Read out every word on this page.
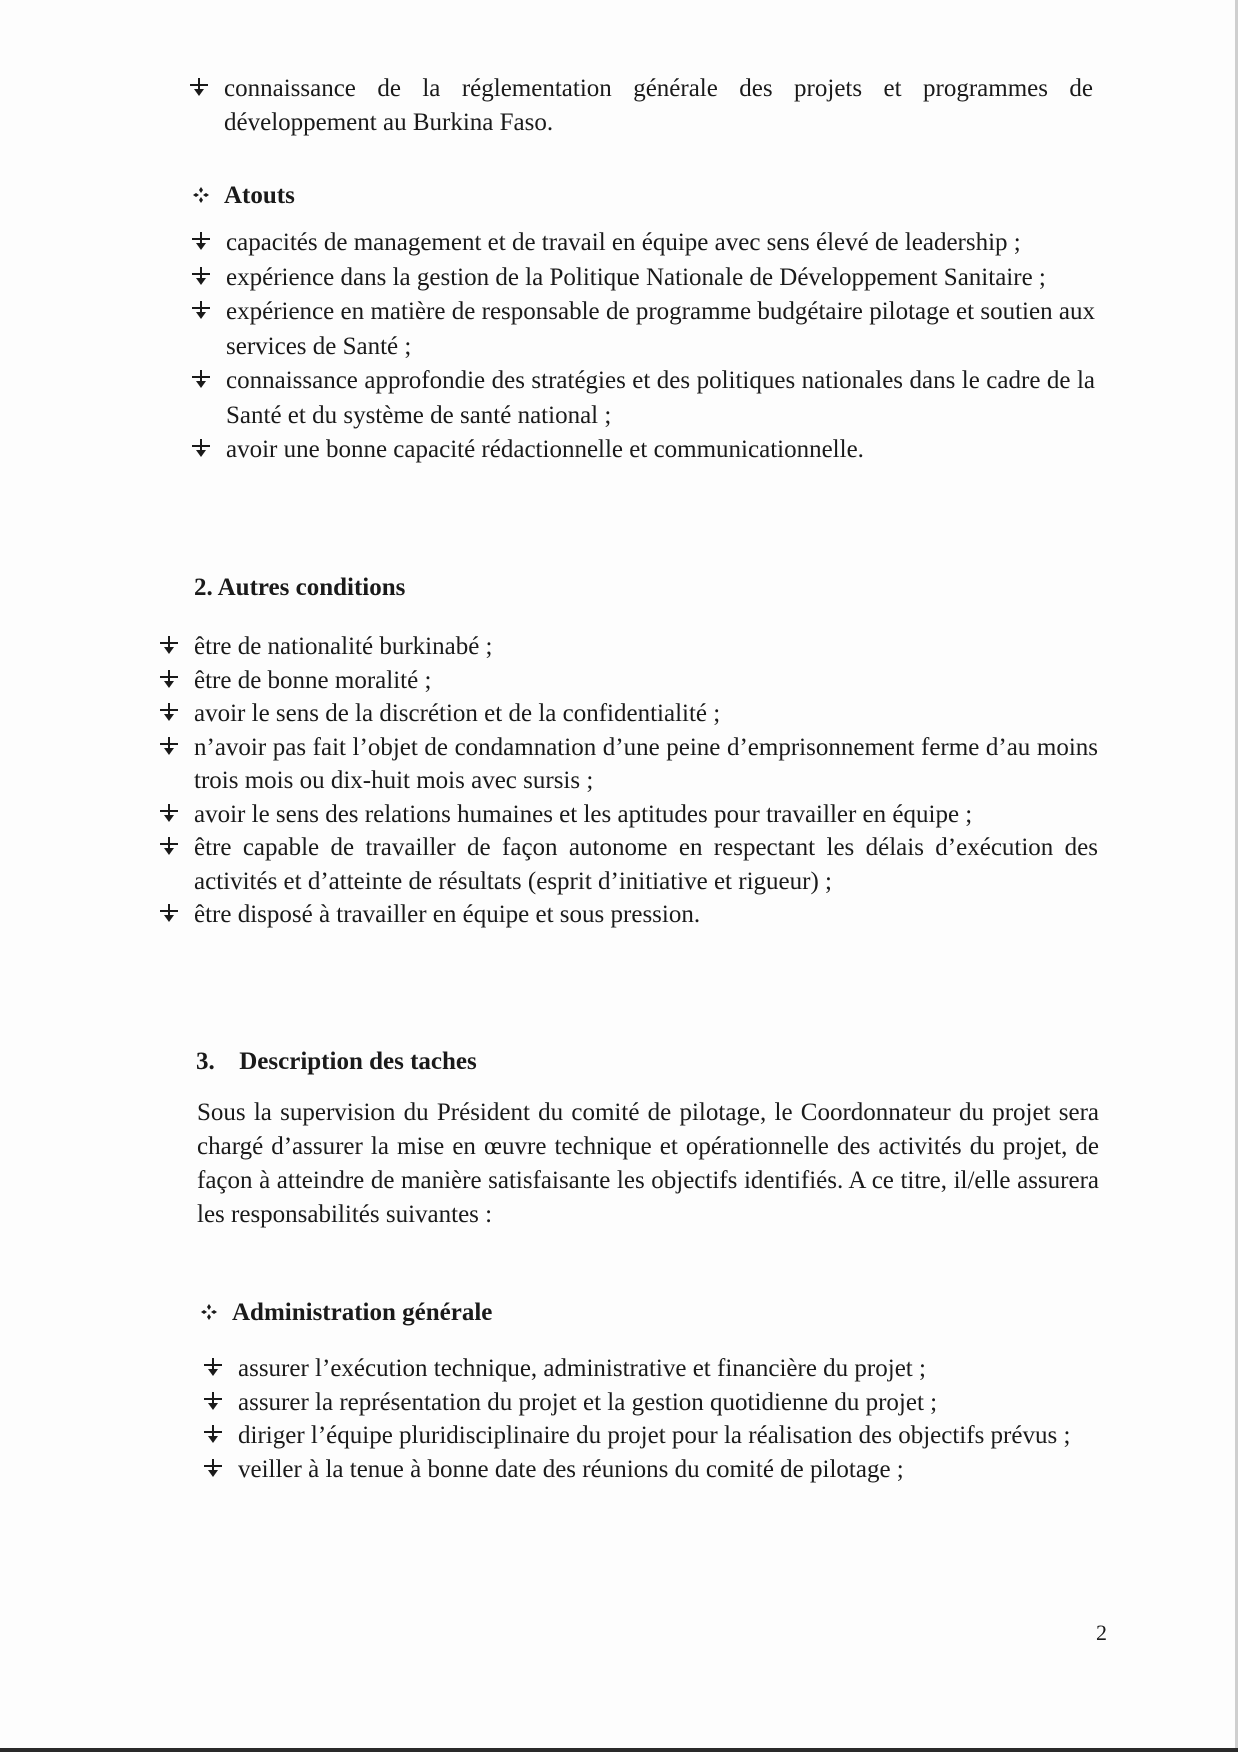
connaissance de la réglementation générale des projets et programmes de développement au Burkina Faso.
Atouts
capacités de management et de travail en équipe avec sens élevé de leadership ;
expérience dans la gestion de la Politique Nationale de Développement Sanitaire ;
expérience en matière de responsable de programme budgétaire pilotage et soutien aux services de Santé ;
connaissance approfondie des stratégies et des politiques nationales dans le cadre de la Santé et du système de santé national ;
avoir une bonne capacité rédactionnelle et communicationnelle.
2. Autres conditions
être de nationalité burkinabé ;
être de bonne moralité ;
avoir le sens de la discrétion et de la confidentialité ;
n’avoir pas fait l’objet de condamnation d’une peine d’emprisonnement ferme d’au moins trois mois ou dix-huit mois avec sursis ;
avoir le sens des relations humaines et les aptitudes pour travailler en équipe ;
être capable de travailler de façon autonome en respectant les délais d’exécution des activités et d’atteinte de résultats (esprit d’initiative et rigueur) ;
être disposé à travailler en équipe et sous pression.
3. Description des taches
Sous la supervision du Président du comité de pilotage, le Coordonnateur du projet sera chargé d’assurer la mise en œuvre technique et opérationnelle des activités du projet, de façon à atteindre de manière satisfaisante les objectifs identifiés. A ce titre, il/elle assurera les responsabilités suivantes :
Administration générale
assurer l’exécution technique, administrative et financière du projet ;
assurer la représentation du projet et la gestion quotidienne du projet ;
diriger l’équipe pluridisciplinaire du projet pour la réalisation des objectifs prévus ;
veiller à la tenue à bonne date des réunions du comité de pilotage ;
2
